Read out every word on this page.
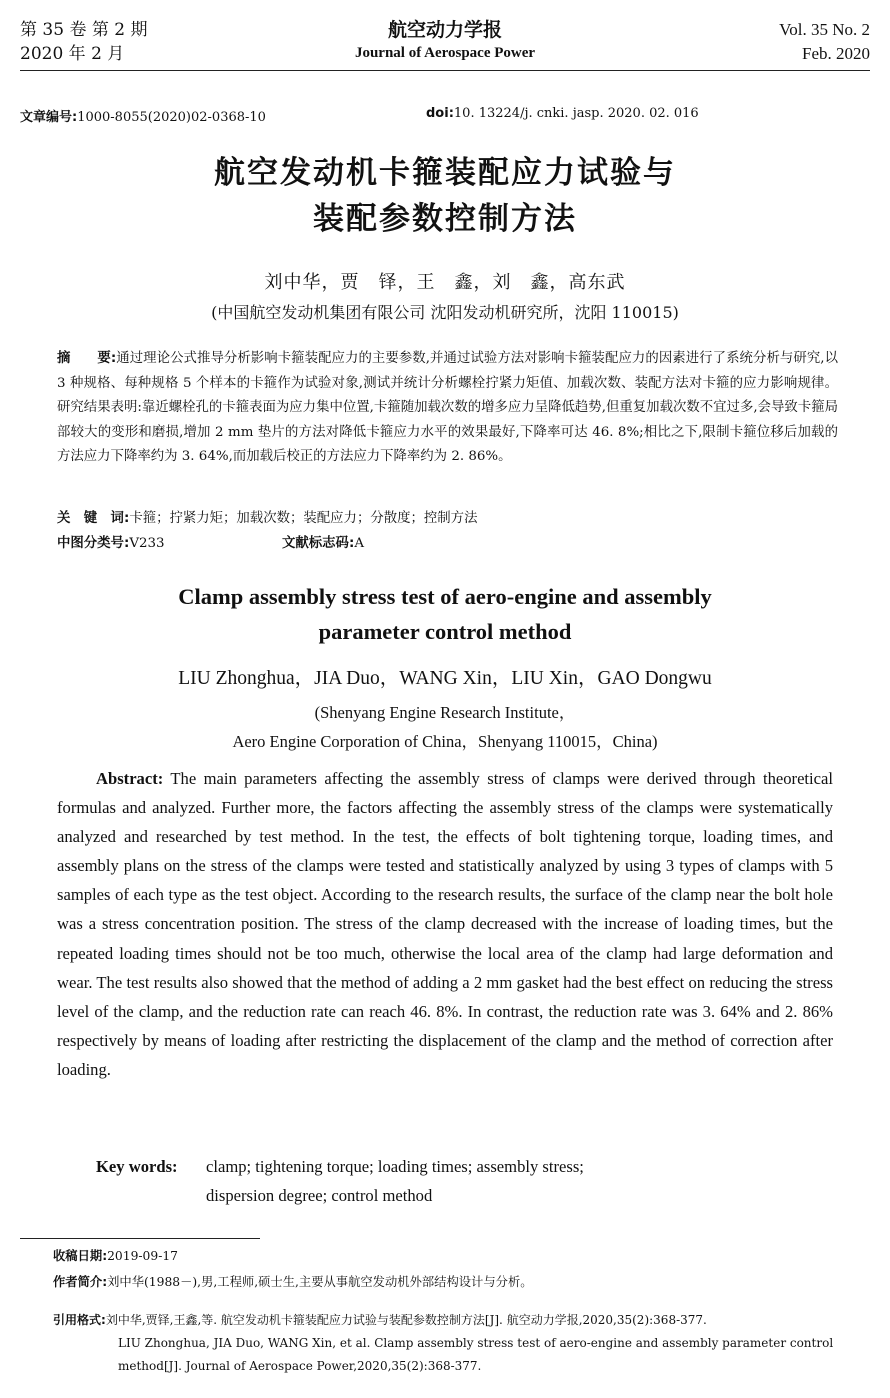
第 35 卷 第 2 期
2020 年 2 月
航空动力学报
Journal of Aerospace Power
Vol. 35 No. 2
Feb. 2020
文章编号:1000-8055(2020)02-0368-10	doi:10. 13224/j. cnki. jasp. 2020. 02. 016
航空发动机卡箍装配应力试验与
装配参数控制方法
刘中华，贾　铎，王　鑫，刘　鑫，高东武
(中国航空发动机集团有限公司 沈阳发动机研究所，沈阳 110015)
摘　　要:通过理论公式推导分析影响卡箍装配应力的主要参数,并通过试验方法对影响卡箍装配应力的因素进行了系统分析与研究,以 3 种规格、每种规格 5 个样本的卡箍作为试验对象,测试并统计分析螺栓拧紧力矩值、加载次数、装配方法对卡箍的应力影响规律。研究结果表明:靠近螺栓孔的卡箍表面为应力集中位置,卡箍随加载次数的增多应力呈降低趋势,但重复加载次数不宜过多,会导致卡箍局部较大的变形和磨损,增加 2 mm 垫片的方法对降低卡箍应力水平的效果最好,下降率可达 46. 8%;相比之下,限制卡箍位移后加载的方法应力下降率约为 3. 64%,而加载后校正的方法应力下降率约为 2. 86%。
关　键　词:卡箍；拧紧力矩；加载次数；装配应力；分散度；控制方法
中图分类号:V233	文献标志码:A
Clamp assembly stress test of aero-engine and assembly
parameter control method
LIU Zhonghua，JIA Duo，WANG Xin，LIU Xin，GAO Dongwu
(Shenyang Engine Research Institute，
Aero Engine Corporation of China，Shenyang 110015，China)
Abstract: The main parameters affecting the assembly stress of clamps were derived through theoretical formulas and analyzed. Further more, the factors affecting the assembly stress of the clamps were systematically analyzed and researched by test method. In the test, the effects of bolt tightening torque, loading times, and assembly plans on the stress of the clamps were tested and statistically analyzed by using 3 types of clamps with 5 samples of each type as the test object. According to the research results, the surface of the clamp near the bolt hole was a stress concentration position. The stress of the clamp decreased with the increase of loading times, but the repeated loading times should not be too much, otherwise the local area of the clamp had large deformation and wear. The test results also showed that the method of adding a 2 mm gasket had the best effect on reducing the stress level of the clamp, and the reduction rate can reach 46. 8%. In contrast, the reduction rate was 3. 64% and 2. 86% respectively by means of loading after restricting the displacement of the clamp and the method of correction after loading.
Key words: clamp; tightening torque; loading times; assembly stress;
dispersion degree; control method
收稿日期:2019-09-17
作者简介:刘中华(1988－),男,工程师,硕士生,主要从事航空发动机外部结构设计与分析。
引用格式:刘中华,贾铎,王鑫,等. 航空发动机卡箍装配应力试验与装配参数控制方法[J]. 航空动力学报,2020,35(2):368-377.
LIU Zhonghua, JIA Duo, WANG Xin, et al. Clamp assembly stress test of aero-engine and assembly parameter control method[J]. Journal of Aerospace Power,2020,35(2):368-377.
